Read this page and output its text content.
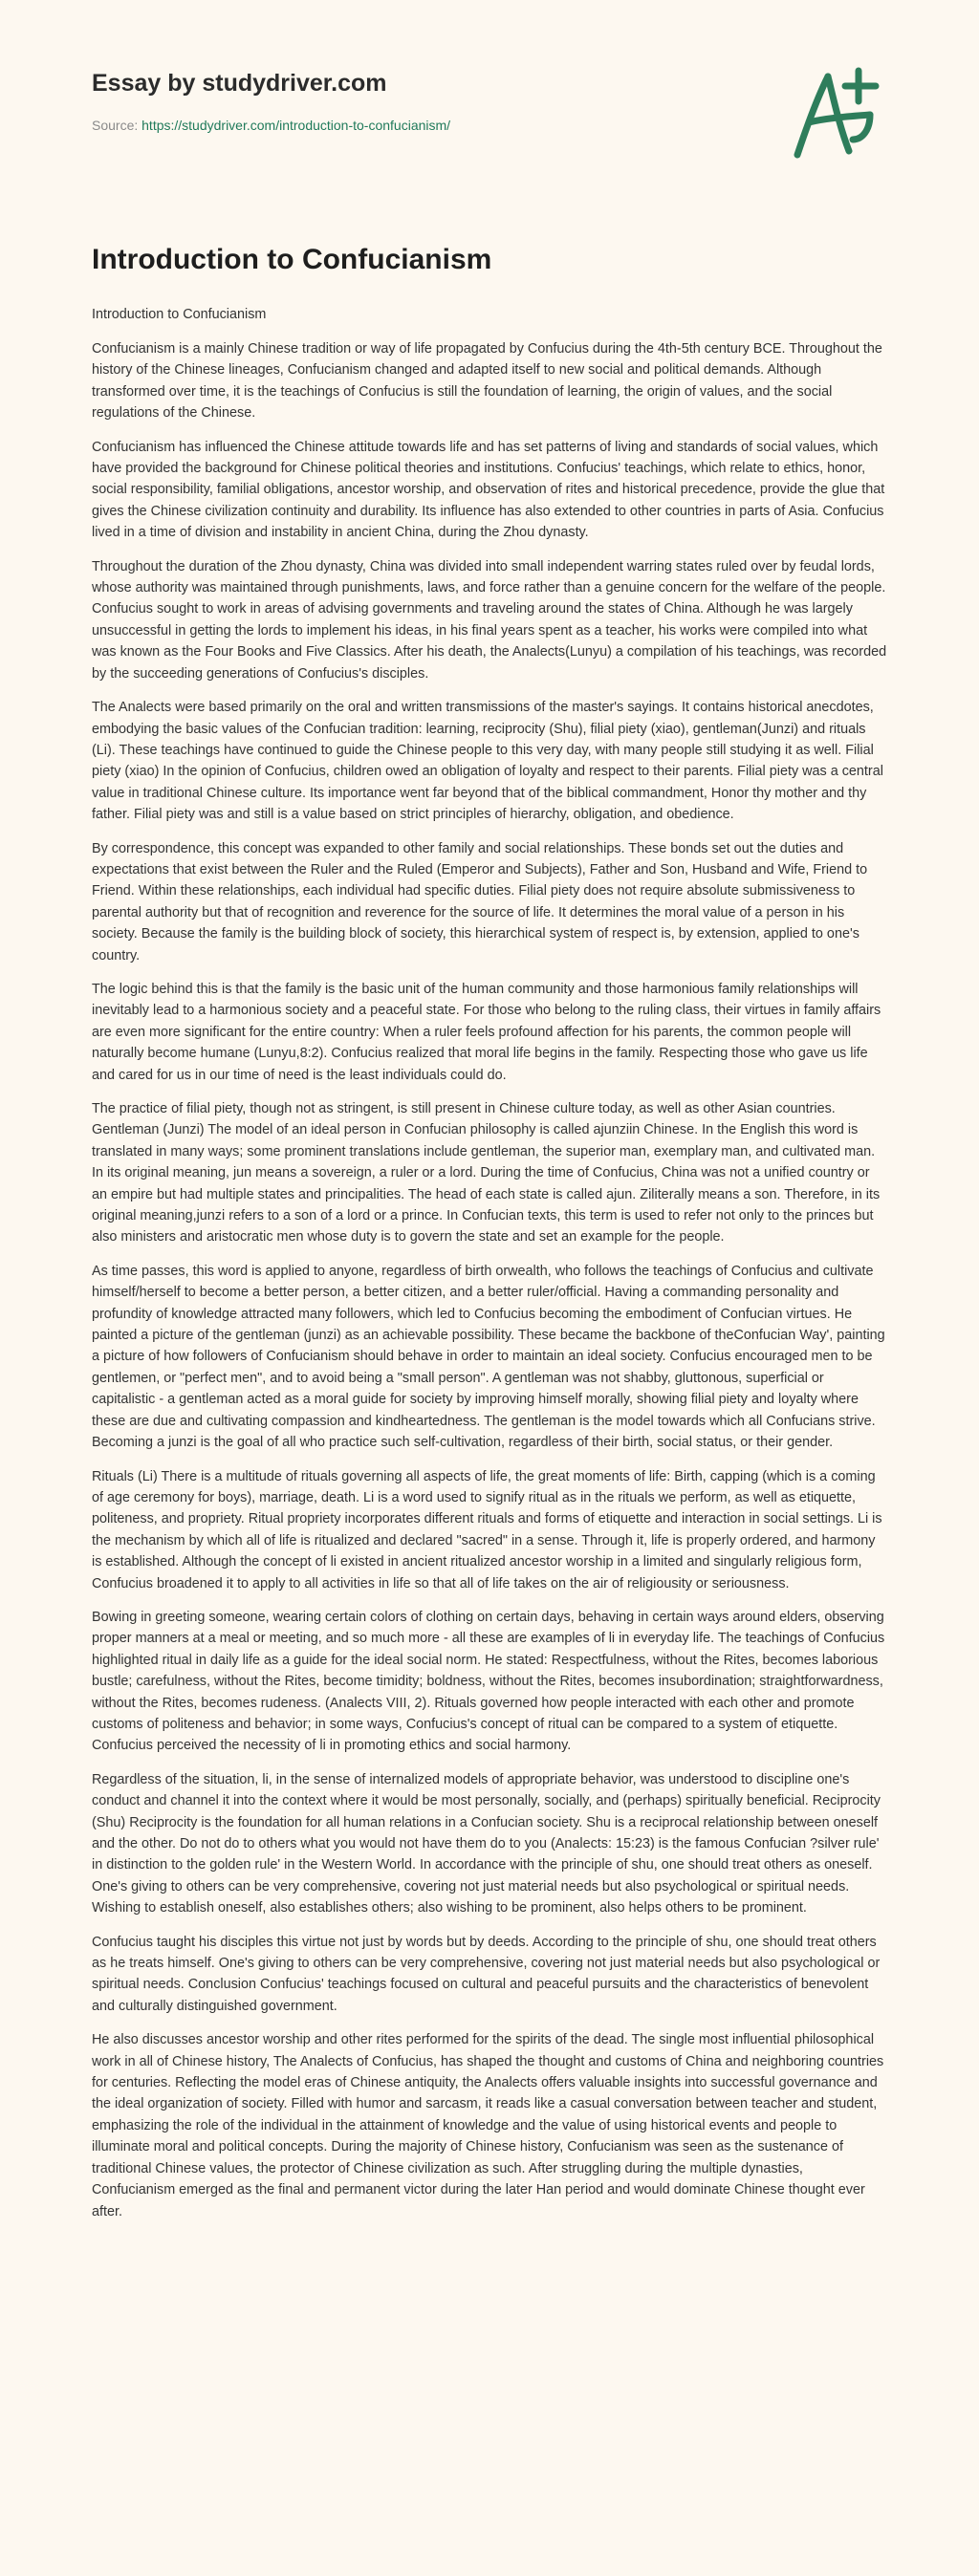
Essay by studydriver.com
Source: https://studydriver.com/introduction-to-confucianism/
Introduction to Confucianism

Introduction to Confucianism

Confucianism is a mainly Chinese tradition or way of life propagated by Confucius during the 4th-5th century BCE. Throughout the history of the Chinese lineages, Confucianism changed and adapted itself to new social and political demands. Although transformed over time, it is the teachings of Confucius is still the foundation of learning, the origin of values, and the social regulations of the Chinese.

Confucianism has influenced the Chinese attitude towards life and has set patterns of living and standards of social values, which have provided the background for Chinese political theories and institutions. Confucius' teachings, which relate to ethics, honor, social responsibility, familial obligations, ancestor worship, and observation of rites and historical precedence, provide the glue that gives the Chinese civilization continuity and durability. Its influence has also extended to other countries in parts of Asia. Confucius lived in a time of division and instability in ancient China, during the Zhou dynasty.

Throughout the duration of the Zhou dynasty, China was divided into small independent warring states ruled over by feudal lords, whose authority was maintained through punishments, laws, and force rather than a genuine concern for the welfare of the people. Confucius sought to work in areas of advising governments and traveling around the states of China. Although he was largely unsuccessful in getting the lords to implement his ideas, in his final years spent as a teacher, his works were compiled into what was known as the Four Books and Five Classics. After his death, the Analects(Lunyu) a compilation of his teachings, was recorded by the succeeding generations of Confucius's disciples.

The Analects were based primarily on the oral and written transmissions of the master's sayings. It contains historical anecdotes, embodying the basic values of the Confucian tradition: learning, reciprocity (Shu), filial piety (xiao), gentleman(Junzi) and rituals (Li). These teachings have continued to guide the Chinese people to this very day, with many people still studying it as well. Filial piety (xiao) In the opinion of Confucius, children owed an obligation of loyalty and respect to their parents. Filial piety was a central value in traditional Chinese culture. Its importance went far beyond that of the biblical commandment, Honor thy mother and thy father. Filial piety was and still is a value based on strict principles of hierarchy, obligation, and obedience.

By correspondence, this concept was expanded to other family and social relationships. These bonds set out the duties and expectations that exist between the Ruler and the Ruled (Emperor and Subjects), Father and Son, Husband and Wife, Friend to Friend. Within these relationships, each individual had specific duties. Filial piety does not require absolute submissiveness to parental authority but that of recognition and reverence for the source of life. It determines the moral value of a person in his society. Because the family is the building block of society, this hierarchical system of respect is, by extension, applied to one's country.

The logic behind this is that the family is the basic unit of the human community and those harmonious family relationships will inevitably lead to a harmonious society and a peaceful state. For those who belong to the ruling class, their virtues in family affairs are even more significant for the entire country: When a ruler feels profound affection for his parents, the common people will naturally become humane (Lunyu,8:2). Confucius realized that moral life begins in the family. Respecting those who gave us life and cared for us in our time of need is the least individuals could do.

The practice of filial piety, though not as stringent, is still present in Chinese culture today, as well as other Asian countries. Gentleman (Junzi) The model of an ideal person in Confucian philosophy is called ajunziin Chinese. In the English this word is translated in many ways; some prominent translations include gentleman, the superior man, exemplary man, and cultivated man. In its original meaning, jun means a sovereign, a ruler or a lord. During the time of Confucius, China was not a unified country or an empire but had multiple states and principalities. The head of each state is called ajun. Ziliterally means a son. Therefore, in its original meaning,junzi refers to a son of a lord or a prince. In Confucian texts, this term is used to refer not only to the princes but also ministers and aristocratic men whose duty is to govern the state and set an example for the people.

As time passes, this word is applied to anyone, regardless of birth orwealth, who follows the teachings of Confucius and cultivate himself/herself to become a better person, a better citizen, and a better ruler/official. Having a commanding personality and profundity of knowledge attracted many followers, which led to Confucius becoming the embodiment of Confucian virtues. He painted a picture of the gentleman (junzi) as an achievable possibility. These became the backbone of theConfucian Way', painting a picture of how followers of Confucianism should behave in order to maintain an ideal society. Confucius encouraged men to be gentlemen, or "perfect men", and to avoid being a "small person". A gentleman was not shabby, gluttonous, superficial or capitalistic - a gentleman acted as a moral guide for society by improving himself morally, showing filial piety and loyalty where these are due and cultivating compassion and kindheartedness. The gentleman is the model towards which all Confucians strive. Becoming a junzi is the goal of all who practice such self-cultivation, regardless of their birth, social status, or their gender.

Rituals (Li) There is a multitude of rituals governing all aspects of life, the great moments of life: Birth, capping (which is a coming of age ceremony for boys), marriage, death. Li is a word used to signify ritual as in the rituals we perform, as well as etiquette, politeness, and propriety. Ritual propriety incorporates different rituals and forms of etiquette and interaction in social settings. Li is the mechanism by which all of life is ritualized and declared "sacred" in a sense. Through it, life is properly ordered, and harmony is established. Although the concept of li existed in ancient ritualized ancestor worship in a limited and singularly religious form, Confucius broadened it to apply to all activities in life so that all of life takes on the air of religiousity or seriousness.

Bowing in greeting someone, wearing certain colors of clothing on certain days, behaving in certain ways around elders, observing proper manners at a meal or meeting, and so much more - all these are examples of li in everyday life. The teachings of Confucius highlighted ritual in daily life as a guide for the ideal social norm. He stated: Respectfulness, without the Rites, becomes laborious bustle; carefulness, without the Rites, become timidity; boldness, without the Rites, becomes insubordination; straightforwardness, without the Rites, becomes rudeness. (Analects VIII, 2). Rituals governed how people interacted with each other and promote customs of politeness and behavior; in some ways, Confucius's concept of ritual can be compared to a system of etiquette. Confucius perceived the necessity of li in promoting ethics and social harmony.

Regardless of the situation, li, in the sense of internalized models of appropriate behavior, was understood to discipline one's conduct and channel it into the context where it would be most personally, socially, and (perhaps) spiritually beneficial. Reciprocity (Shu) Reciprocity is the foundation for all human relations in a Confucian society. Shu is a reciprocal relationship between oneself and the other. Do not do to others what you would not have them do to you (Analects: 15:23) is the famous Confucian ?silver rule' in distinction to the golden rule' in the Western World. In accordance with the principle of shu, one should treat others as oneself. One's giving to others can be very comprehensive, covering not just material needs but also psychological or spiritual needs. Wishing to establish oneself, also establishes others; also wishing to be prominent, also helps others to be prominent.

Confucius taught his disciples this virtue not just by words but by deeds. According to the principle of shu, one should treat others as he treats himself. One's giving to others can be very comprehensive, covering not just material needs but also psychological or spiritual needs. Conclusion Confucius' teachings focused on cultural and peaceful pursuits and the characteristics of benevolent and culturally distinguished government.

He also discusses ancestor worship and other rites performed for the spirits of the dead. The single most influential philosophical work in all of Chinese history, The Analects of Confucius, has shaped the thought and customs of China and neighboring countries for centuries. Reflecting the model eras of Chinese antiquity, the Analects offers valuable insights into successful governance and the ideal organization of society. Filled with humor and sarcasm, it reads like a casual conversation between teacher and student, emphasizing the role of the individual in the attainment of knowledge and the value of using historical events and people to illuminate moral and political concepts. During the majority of Chinese history, Confucianism was seen as the sustenance of traditional Chinese values, the protector of Chinese civilization as such. After struggling during the multiple dynasties, Confucianism emerged as the final and permanent victor during the later Han period and would dominate Chinese thought ever after.
